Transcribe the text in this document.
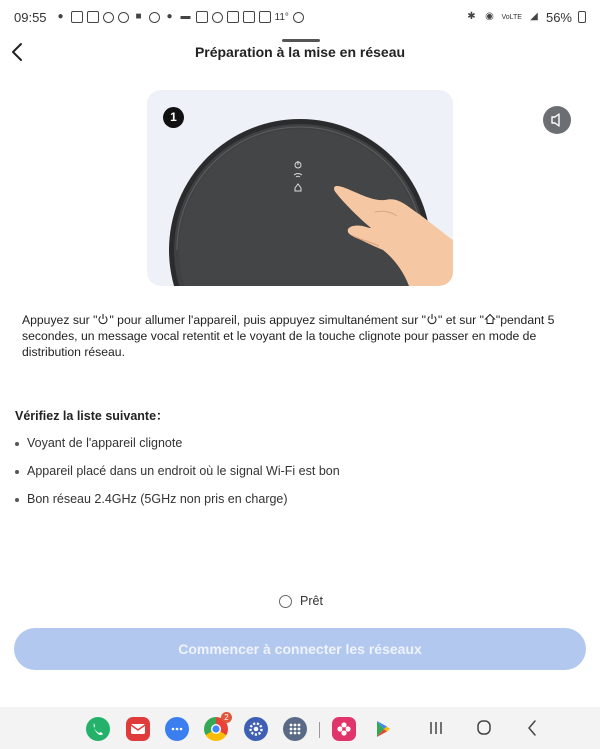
09:55 ●	■ ● ▬	11°	✱ ◉ VoLTE ◢ 56%
Préparation à la mise en réseau
1
Appuyez sur " " pour allumer l'appareil, puis appuyez simultanément sur " " et sur " "pendant 5 secondes, un message vocal retentit et le voyant de la touche clignote pour passer en mode de distribution réseau.
Vérifiez la liste suivante：
Voyant de l'appareil clignote
Appareil placé dans un endroit où le signal Wi-Fi est bon
Bon réseau 2.4GHz (5GHz non pris en charge)
Prêt
Commencer à connecter les réseaux
2
